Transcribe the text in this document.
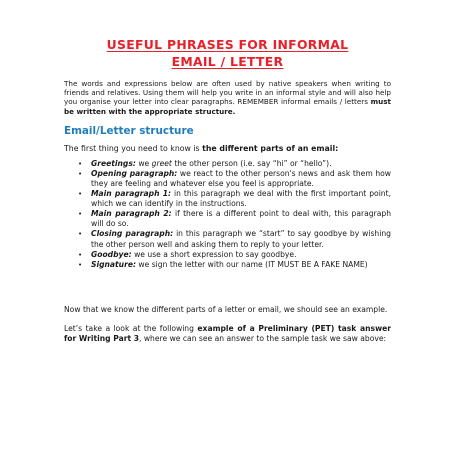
USEFUL PHRASES FOR INFORMAL
EMAIL / LETTER

The words and expressions below are often used by native speakers when writing to friends and relatives. Using them will help you write in an informal style and will also help you organise your letter into clear paragraphs. REMEMBER informal emails / letters must be written with the appropriate structure.

Email/Letter structure

The first thing you need to know is the different parts of an email:

• Greetings: we greet the other person (i.e. say “hi” or “hello”).
• Opening paragraph: we react to the other person's news and ask them how they are feeling and whatever else you feel is appropriate.
• Main paragraph 1: in this paragraph we deal with the first important point, which we can identify in the instructions.
• Main paragraph 2: if there is a different point to deal with, this paragraph will do so.
• Closing paragraph: in this paragraph we “start” to say goodbye by wishing the other person well and asking them to reply to your letter.
• Goodbye: we use a short expression to say goodbye.
• Signature: we sign the letter with our name (IT MUST BE A FAKE NAME)

Now that we know the different parts of a letter or email, we should see an example.

Let’s take a look at the following example of a Preliminary (PET) task answer for Writing Part 3, where we can see an answer to the sample task we saw above:
